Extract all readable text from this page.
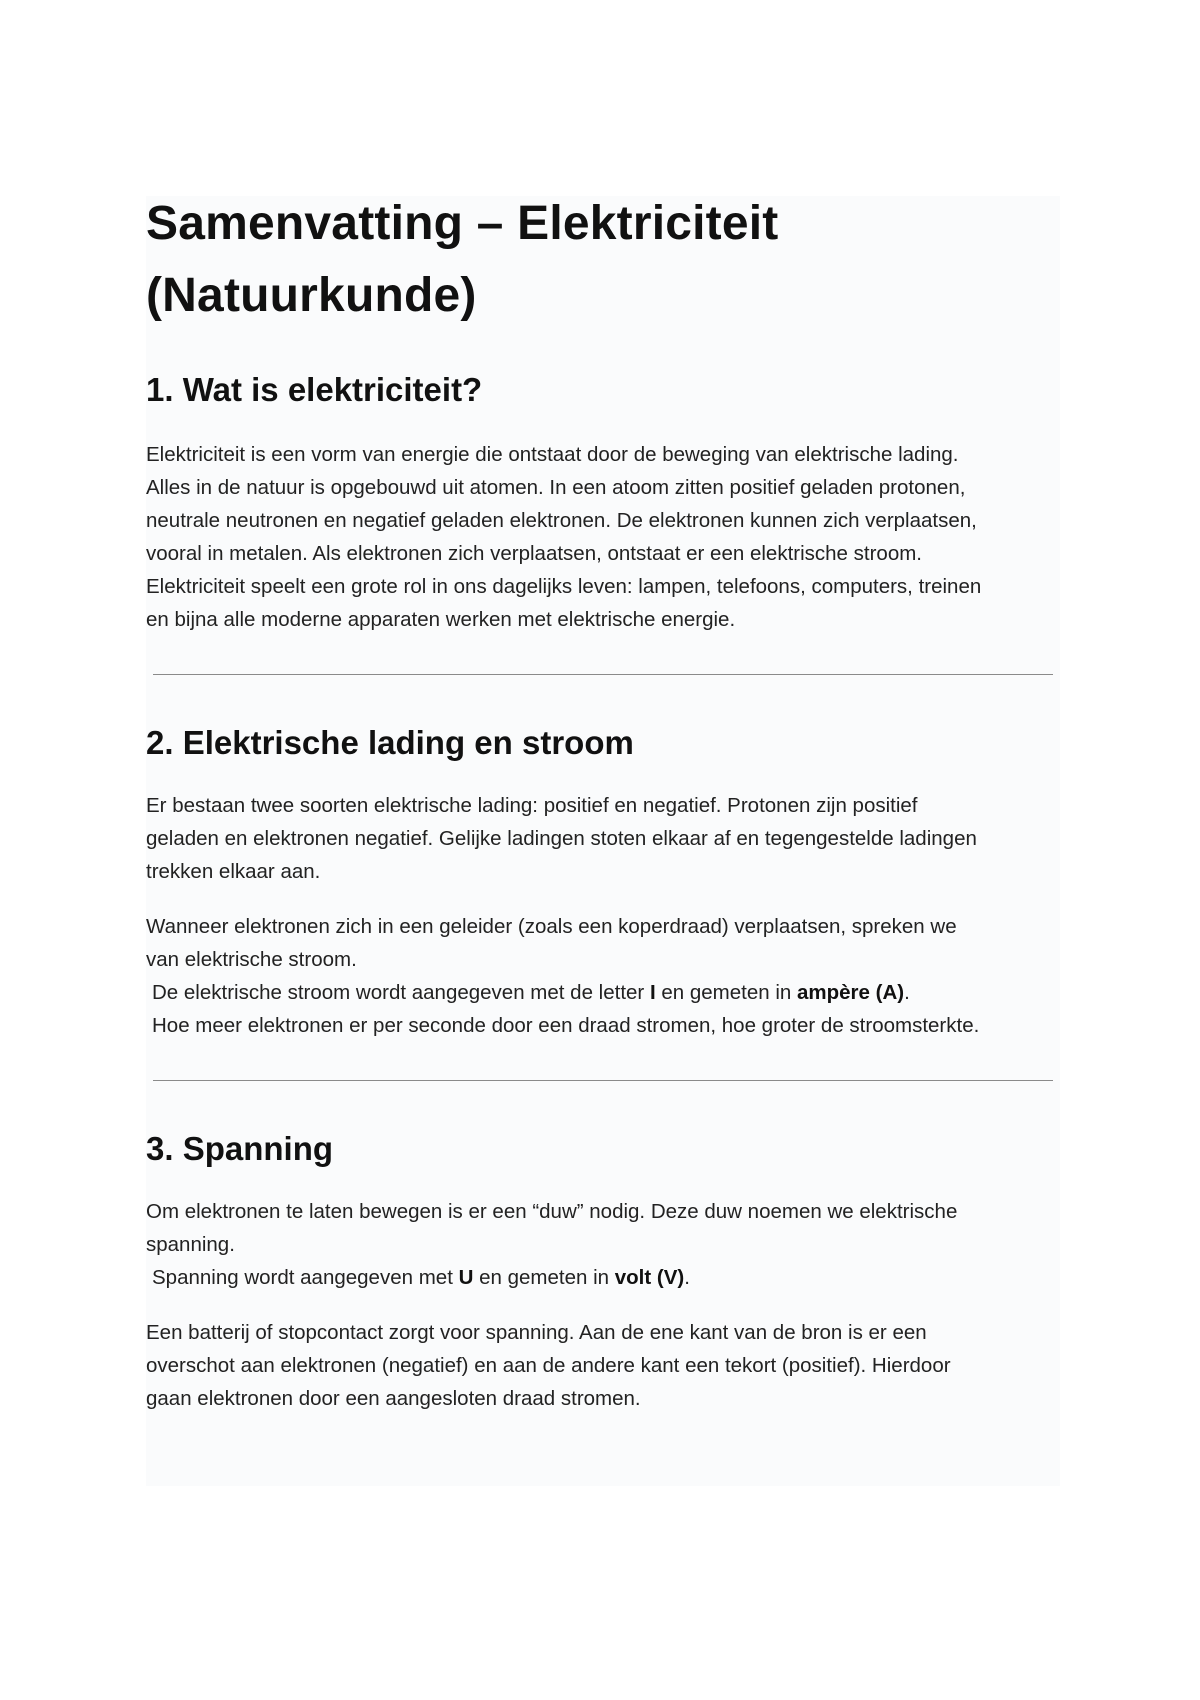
Samenvatting – Elektriciteit
(Natuurkunde)
1. Wat is elektriciteit?

Elektriciteit is een vorm van energie die ontstaat door de beweging van elektrische lading.
Alles in de natuur is opgebouwd uit atomen. In een atoom zitten positief geladen protonen,
neutrale neutronen en negatief geladen elektronen. De elektronen kunnen zich verplaatsen,
vooral in metalen. Als elektronen zich verplaatsen, ontstaat er een elektrische stroom.
Elektriciteit speelt een grote rol in ons dagelijks leven: lampen, telefoons, computers, treinen
en bijna alle moderne apparaten werken met elektrische energie.

2. Elektrische lading en stroom

Er bestaan twee soorten elektrische lading: positief en negatief. Protonen zijn positief
geladen en elektronen negatief. Gelijke ladingen stoten elkaar af en tegengestelde ladingen
trekken elkaar aan.

Wanneer elektronen zich in een geleider (zoals een koperdraad) verplaatsen, spreken we
van elektrische stroom.
De elektrische stroom wordt aangegeven met de letter I en gemeten in ampère (A).
Hoe meer elektronen er per seconde door een draad stromen, hoe groter de stroomsterkte.

3. Spanning

Om elektronen te laten bewegen is er een “duw” nodig. Deze duw noemen we elektrische
spanning.
Spanning wordt aangegeven met U en gemeten in volt (V).

Een batterij of stopcontact zorgt voor spanning. Aan de ene kant van de bron is er een
overschot aan elektronen (negatief) en aan de andere kant een tekort (positief). Hierdoor
gaan elektronen door een aangesloten draad stromen.
